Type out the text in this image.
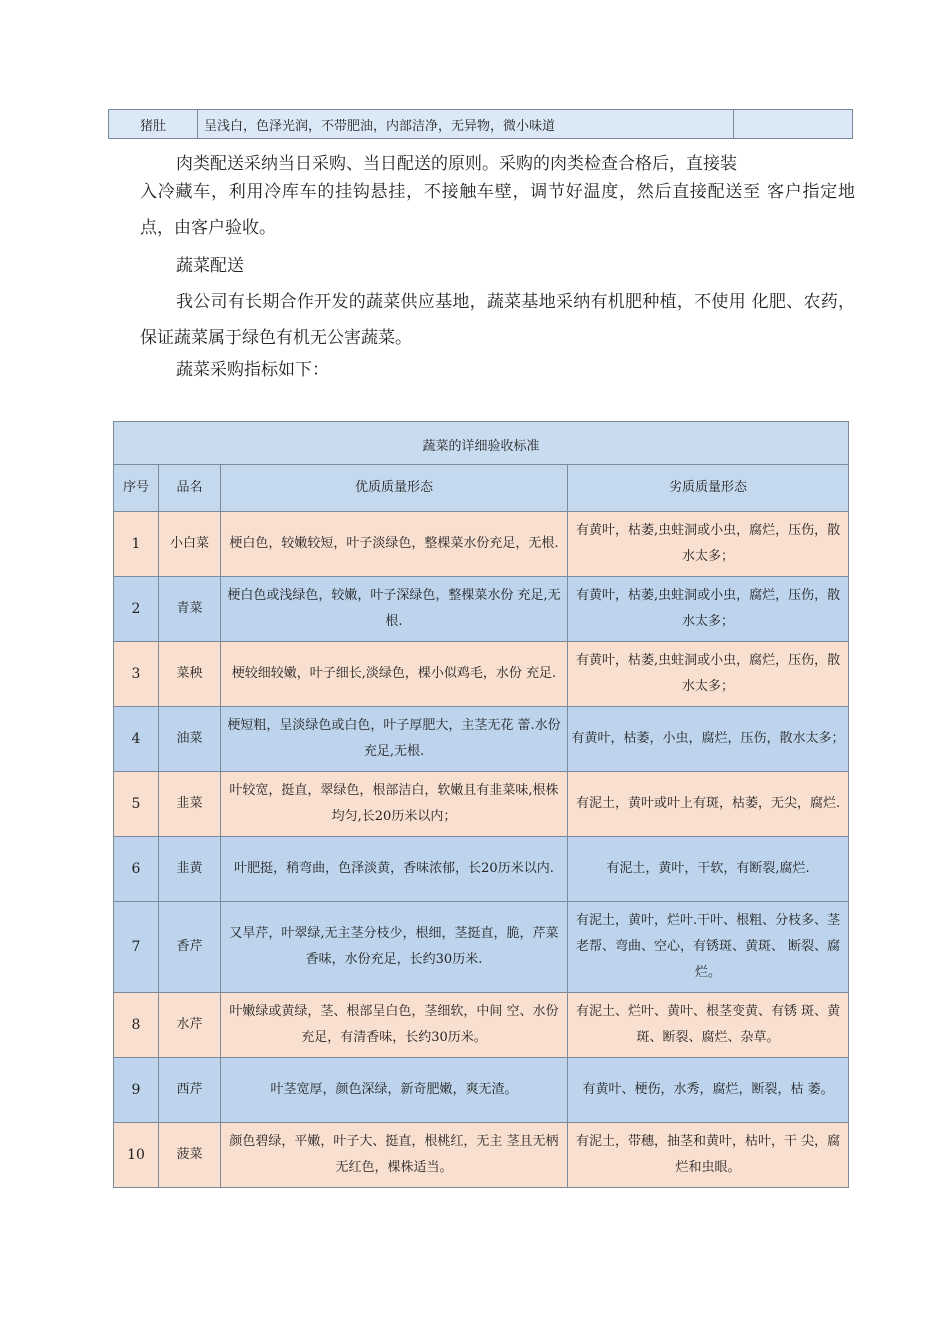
猪肚	呈浅白，色泽光润，不带肥油，内部洁净，无异物，微小味道	

肉类配送采纳当日采购、当日配送的原则。采购的肉类检查合格后，直接装

入冷藏车，利用冷库车的挂钩悬挂，不接触车壁，调节好温度，然后直接配送至 客户指定地点，由客户验收。

蔬菜配送

我公司有长期合作开发的蔬菜供应基地，蔬菜基地采纳有机肥种植，不使用 化肥、农药，保证蔬菜属于绿色有机无公害蔬菜。

蔬菜采购指标如下：

蔬菜的详细验收标准			
序号	品名	优质质量形态	劣质质量形态
1	小白菜	梗白色，较嫩较短，叶子淡绿色，整棵菜水份充足，无根.	有黄叶，枯萎,虫蛀洞或小虫，腐烂，压伤，散水太多；
2	青菜	梗白色或浅绿色，较嫩，叶子深绿色，整棵菜水份 充足,无根.	有黄叶，枯萎,虫蛀洞或小虫，腐烂，压伤，散水太多；
3	菜秧	梗较细较嫩，叶子细长,淡绿色，棵小似鸡毛，水份 充足.	有黄叶，枯萎,虫蛀洞或小虫，腐烂，压伤，散水太多；
4	油菜	梗短粗，呈淡绿色或白色，叶子厚肥大，主茎无花 蕾.水份充足,无根.	有黄叶，枯萎，小虫，腐烂，压伤，散水太多；
5	韭菜	叶较宽，挺直，翠绿色，根部洁白，软嫩且有韭菜味,根株均匀,长20历米以内；	有泥土，黄叶或叶上有斑，枯萎，无尖，腐烂.
6	韭黄	叶肥挺，稍弯曲，色泽淡黄，香味浓郁，长20历米以内.	有泥土，黄叶，干软，有断裂,腐烂.
7	香芹	又旱芹，叶翠绿,无主茎分枝少，根细，茎挺直，脆，芹菜香味，水份充足，长约30历米.	有泥土，黄叶，烂叶.干叶、根粗、分枝多、茎老帮、弯曲、空心，有锈斑、黄斑、 断裂、腐烂。
8	水芹	叶嫩绿或黄绿，茎、根部呈白色，茎细软，中间 空、水份充足，有清香味，长约30历米。	有泥土、烂叶、黄叶、根茎变黄、有锈 斑、黄斑、断裂、腐烂、杂草。
9	西芹	叶茎宽厚，颜色深绿，新奇肥嫩，爽无渣。	有黄叶、梗伤，水秀，腐烂，断裂，枯 萎。
10	菠菜	颜色碧绿，平嫩，叶子大、挺直，根桃红，无主 茎且无柄无红色，棵株适当。	有泥土，带穗，抽茎和黄叶，枯叶，干 尖，腐烂和虫眼。
